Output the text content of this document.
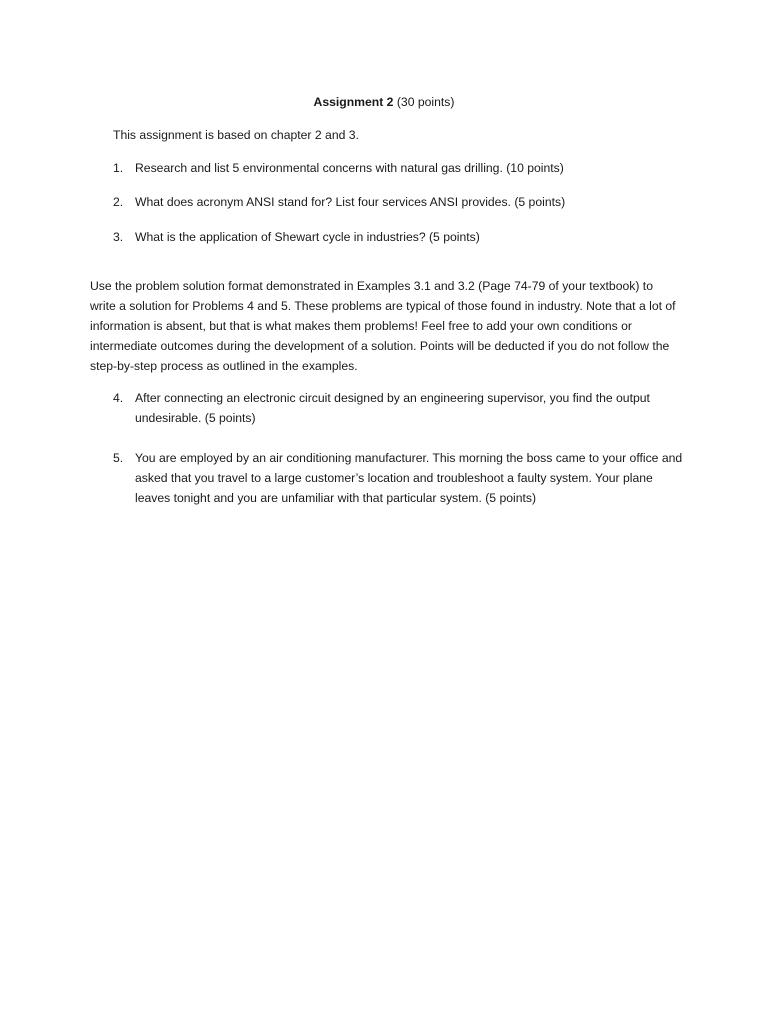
Assignment 2 (30 points)
This assignment is based on chapter 2 and 3.
1. Research and list 5 environmental concerns with natural gas drilling. (10 points)
2. What does acronym ANSI stand for? List four services ANSI provides. (5 points)
3. What is the application of Shewart cycle in industries? (5 points)
Use the problem solution format demonstrated in Examples 3.1 and 3.2 (Page 74-79 of your textbook) to write a solution for Problems 4 and 5. These problems are typical of those found in industry. Note that a lot of information is absent, but that is what makes them problems! Feel free to add your own conditions or intermediate outcomes during the development of a solution. Points will be deducted if you do not follow the step-by-step process as outlined in the examples.
4. After connecting an electronic circuit designed by an engineering supervisor, you find the output undesirable. (5 points)
5. You are employed by an air conditioning manufacturer. This morning the boss came to your office and asked that you travel to a large customer’s location and troubleshoot a faulty system. Your plane leaves tonight and you are unfamiliar with that particular system. (5 points)
